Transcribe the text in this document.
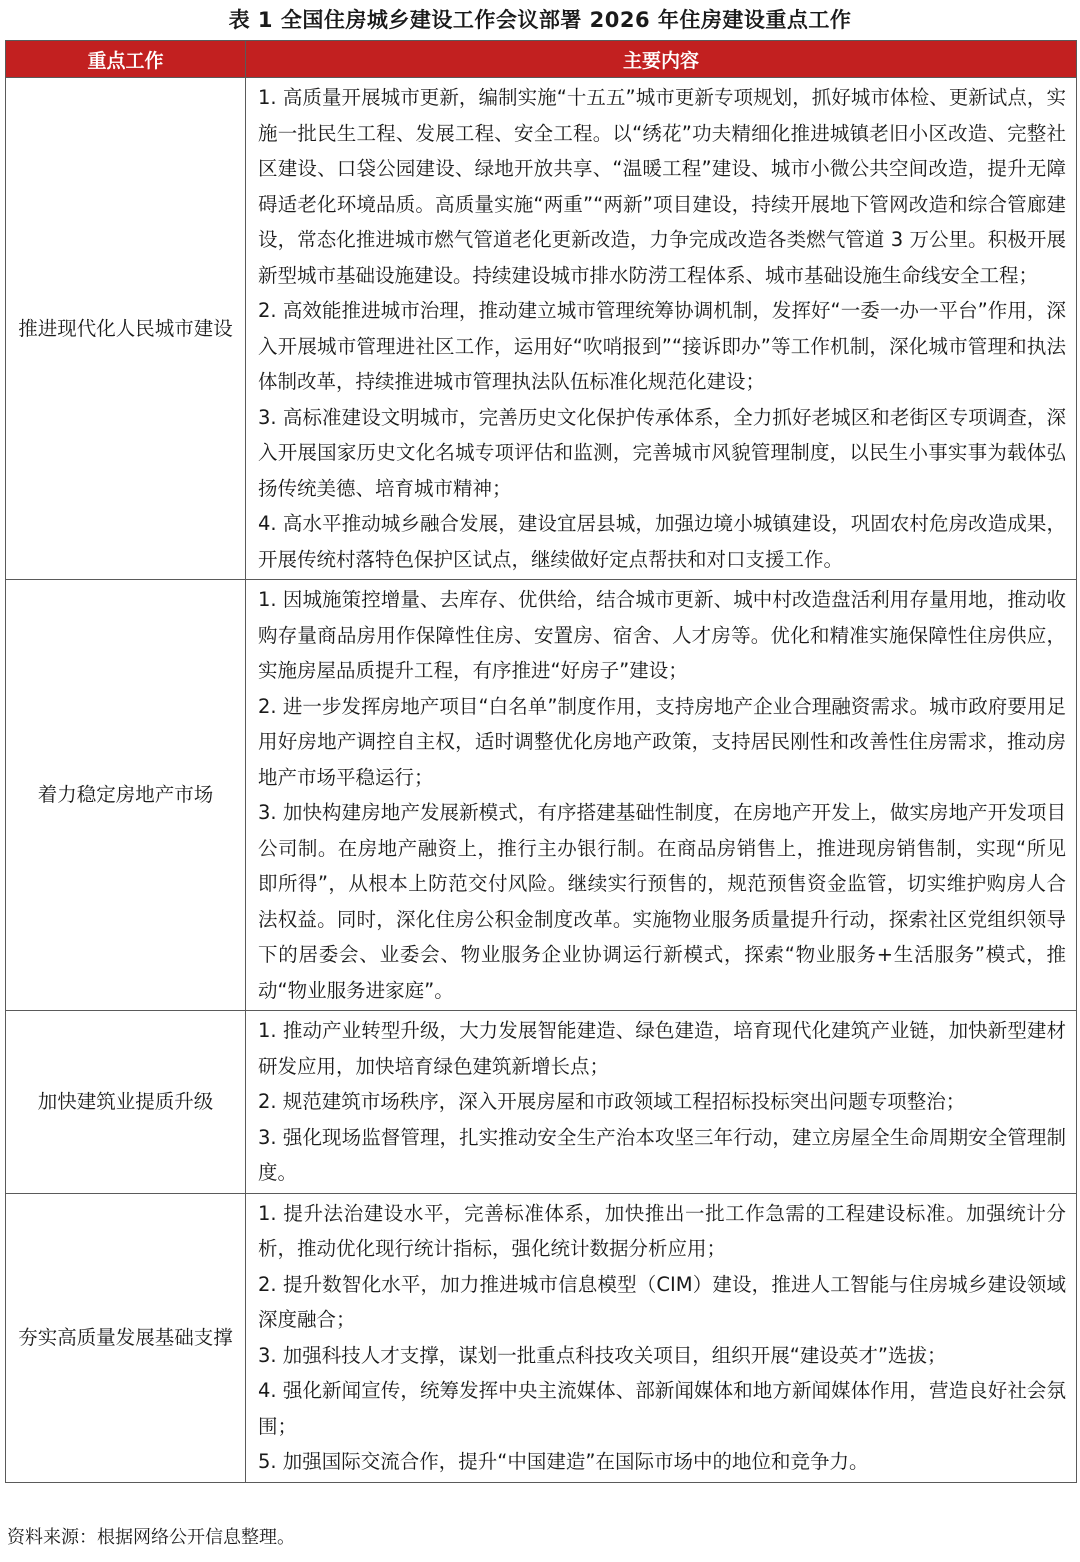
表 1 全国住房城乡建设工作会议部署 2026 年住房建设重点工作
重点工作	主要内容
推进现代化人民城市建设	1. 高质量开展城市更新，编制实施“十五五”城市更新专项规划，抓好城市体检、更新试点，实施一批民生工程、发展工程、安全工程。以“绣花”功夫精细化推进城镇老旧小区改造、完整社区建设、口袋公园建设、绿地开放共享、“温暖工程”建设、城市小微公共空间改造，提升无障碍适老化环境品质。高质量实施“两重”“两新”项目建设，持续开展地下管网改造和综合管廊建设，常态化推进城市燃气管道老化更新改造，力争完成改造各类燃气管道 3 万公里。积极开展新型城市基础设施建设。持续建设城市排水防涝工程体系、城市基础设施生命线安全工程；

2. 高效能推进城市治理，推动建立城市管理统筹协调机制，发挥好“一委一办一平台”作用，深入开展城市管理进社区工作，运用好“吹哨报到”“接诉即办”等工作机制，深化城市管理和执法体制改革，持续推进城市管理执法队伍标准化规范化建设；

3. 高标准建设文明城市，完善历史文化保护传承体系，全力抓好老城区和老街区专项调查，深入开展国家历史文化名城专项评估和监测，完善城市风貌管理制度，以民生小事实事为载体弘扬传统美德、培育城市精神；

4. 高水平推动城乡融合发展，建设宜居县城，加强边境小城镇建设，巩固农村危房改造成果，开展传统村落特色保护区试点，继续做好定点帮扶和对口支援工作。

着力稳定房地产市场	1. 因城施策控增量、去库存、优供给，结合城市更新、城中村改造盘活利用存量用地，推动收购存量商品房用作保障性住房、安置房、宿舍、人才房等。优化和精准实施保障性住房供应，实施房屋品质提升工程，有序推进“好房子”建设；

2. 进一步发挥房地产项目“白名单”制度作用，支持房地产企业合理融资需求。城市政府要用足用好房地产调控自主权，适时调整优化房地产政策，支持居民刚性和改善性住房需求，推动房地产市场平稳运行；

3. 加快构建房地产发展新模式，有序搭建基础性制度，在房地产开发上，做实房地产开发项目公司制。在房地产融资上，推行主办银行制。在商品房销售上，推进现房销售制，实现“所见即所得”，从根本上防范交付风险。继续实行预售的，规范预售资金监管，切实维护购房人合法权益。同时，深化住房公积金制度改革。实施物业服务质量提升行动，探索社区党组织领导下的居委会、业委会、物业服务企业协调运行新模式，探索“物业服务+生活服务”模式，推动“物业服务进家庭”。

加快建筑业提质升级	1. 推动产业转型升级，大力发展智能建造、绿色建造，培育现代化建筑产业链，加快新型建材研发应用，加快培育绿色建筑新增长点；

2. 规范建筑市场秩序，深入开展房屋和市政领域工程招标投标突出问题专项整治；

3. 强化现场监督管理，扎实推动安全生产治本攻坚三年行动，建立房屋全生命周期安全管理制度。

夯实高质量发展基础支撑	1. 提升法治建设水平，完善标准体系，加快推出一批工作急需的工程建设标准。加强统计分析，推动优化现行统计指标，强化统计数据分析应用；

2. 提升数智化水平，加力推进城市信息模型（CIM）建设，推进人工智能与住房城乡建设领域深度融合；

3. 加强科技人才支撑，谋划一批重点科技攻关项目，组织开展“建设英才”选拔；

4. 强化新闻宣传，统筹发挥中央主流媒体、部新闻媒体和地方新闻媒体作用，营造良好社会氛围；

5. 加强国际交流合作，提升“中国建造”在国际市场中的地位和竞争力。

资料来源：根据网络公开信息整理。
